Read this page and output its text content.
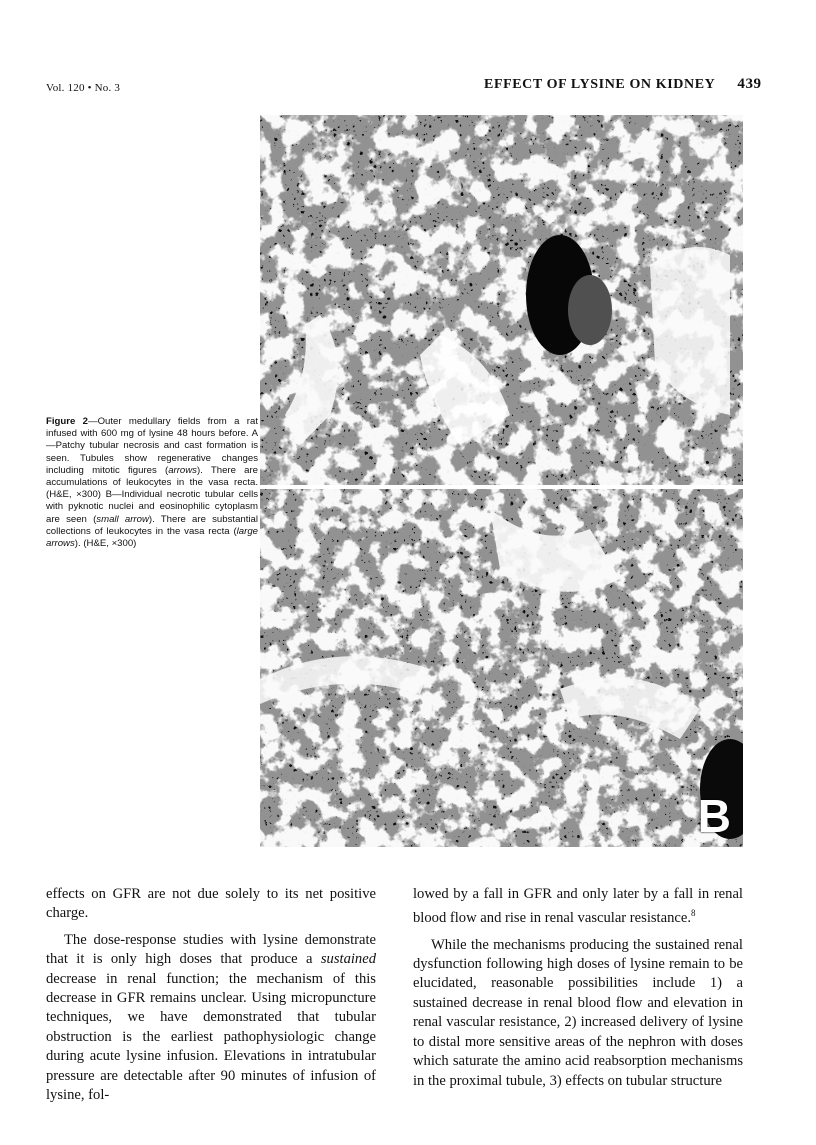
Vol. 120 • No. 3	EFFECT OF LYSINE ON KIDNEY 439
B
Figure 2—Outer medullary fields from a rat infused with 600 mg of lysine 48 hours before. A—Patchy tubular necrosis and cast formation is seen. Tubules show regenerative changes including mitotic figures (arrows). There are accumulations of leukocytes in the vasa recta. (H&E, ×300) B—Individual necrotic tubular cells with pyknotic nuclei and eosinophilic cytoplasm are seen (small arrow). There are substantial collections of leukocytes in the vasa recta (large arrows). (H&E, ×300)

effects on GFR are not due solely to its net positive charge.

The dose-response studies with lysine demonstrate that it is only high doses that produce a sustained decrease in renal function; the mechanism of this decrease in GFR remains unclear. Using micropuncture techniques, we have demonstrated that tubular obstruction is the earliest pathophysiologic change during acute lysine infusion. Elevations in intratubular pressure are detectable after 90 minutes of infusion of lysine, fol-

lowed by a fall in GFR and only later by a fall in renal blood flow and rise in renal vascular resistance.$^8$

While the mechanisms producing the sustained renal dysfunction following high doses of lysine remain to be elucidated, reasonable possibilities include 1) a sustained decrease in renal blood flow and elevation in renal vascular resistance, 2) increased delivery of lysine to distal more sensitive areas of the nephron with doses which saturate the amino acid reabsorption mechanisms in the proximal tubule, 3) effects on tubular structure
